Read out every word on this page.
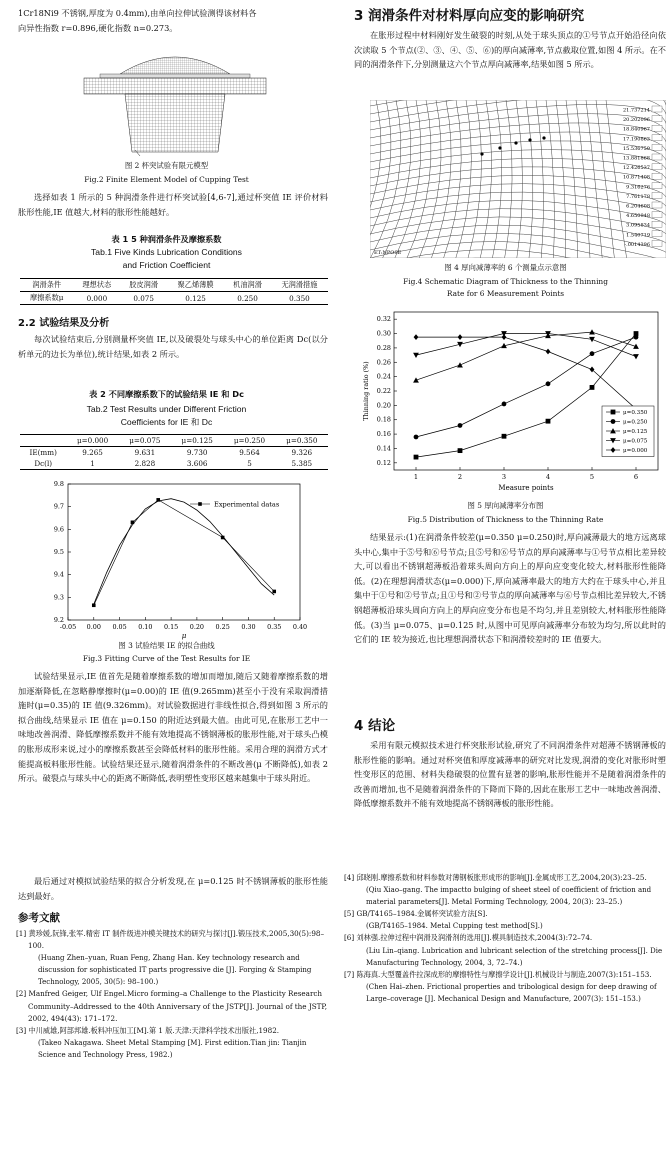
1Cr18Ni9 不锈钢,厚度为 0.4mm),由单向拉伸试验测得该材料各

向异性指数 r=0.896,硬化指数 n=0.273。

图 2 杯突试验有限元模型

Fig.2 Finite Element Model of Cupping Test

选择如表 1 所示的 5 种润滑条件进行杯突试验[4,6-7],通过杯突值 IE 评价材料胀形性能,IE 值越大,材料的胀形性能越好。

表 1 5 种润滑条件及摩擦系数

Tab.1 Five Kinds Lubrication Conditions

and Friction Coefficient

润滑条件	理想状态	胶皮润滑	聚乙烯薄膜	机油润滑	无润滑措施
摩擦系数μ	0.000	0.075	0.125	0.250	0.350

2.2 试验结果及分析

每次试验结束后,分别测量杯突值 IE,以及破裂处与球头中心的单位距离 Dc(以分析单元的边长为单位),统计结果,如表 2 所示。

表 2 不同摩擦系数下的试验结果 IE 和 Dc

Tab.2 Test Results under Different Friction

Coefficients for IE 和 Dc

	μ=0.000	μ=0.075	μ=0.125	μ=0.250	μ=0.350
IE(mm)	9.265	9.631	9.730	9.564	9.326
Dc(l)	1	2.828	3.606	5	5.385
-0.05 0.00 0.05 0.10 0.15 0.20 0.25 0.30 0.35 0.40
9.2
9.3
9.4
9.5
9.6
9.7
9.8
μ
Experimental datas

图 3 试验结果 IE 的拟合曲线

Fig.3 Fitting Curve of the Test Results for IE

试验结果显示,IE 值首先是随着摩擦系数的增加而增加,随后又随着摩擦系数的增加逐渐降低,在忽略静摩擦时(μ=0.00)的 IE 值(9.265mm)甚至小于没有采取润滑措施时(μ=0.35)的 IE 值(9.326mm)。对试验数据进行非线性拟合,得到如图 3 所示的拟合曲线,结果显示 IE 值在 μ=0.150 的附近达到最大值。由此可见,在胀形工艺中一味地改善润滑、降低摩擦系数并不能有效地提高不锈钢薄板的胀形性能,对于球头凸模的胀形成形来说,过小的摩擦系数甚至会降低材料的胀形性能。采用合理的润滑方式才能提高板料胀形性能。试验结果还显示,随着润滑条件的不断改善(μ 不断降低),如表 2 所示。破裂点与球头中心的距离不断降低,表明塑性变形区越来越集中于球头附近。

最后通过对模拟试验结果的拟合分析发现,在 μ=0.125 时不锈钢薄板的胀形性能达到最好。

参考文献

[1] 黄珍媛,阮锋,张军.精密 IT 制件级进冲模关键技术的研究与探讨[J].锻压技术,2005,30(5):98–100.

(Huang Zhen–yuan, Ruan Feng, Zhang Han. Key technology research and discussion for sophisticated IT parts progressive die [J]. Forging & Stamping Technology, 2005, 30(5): 98–100.)

[2] Manfred Geiger, Ulf Engel.Micro forming–a Challenge to the Plasticity Research Community–Addressed to the 40th Anniversary of the JSTP[J]. Journal of the JSTP, 2002, 494(43): 171–172.

[3] 中川威雄,阿部邦雄.板料冲压加工[M].第 1 版.天津:天津科学技术出版社,1982.

(Takeo Nakagawa. Sheet Metal Stamping [M]. First edition.Tian jin: Tianjin Science and Technology Press, 1982.)

3 润滑条件对材料厚向应变的影响研究

在胀形过程中材料刚好发生破裂的时刻,从处于球头顶点的①号节点开始沿径向依次读取 5 个节点(②、③、④、⑤、⑥)的厚向减薄率,节点截取位置,如图 4 所示。在不同的润滑条件下,分别测量这六个节点厚向减薄率,结果如图 5 所示。

21.737214
20.202096
18.840967
17.190863
15.536759
13.881868
12.426537
10.871408
9.316276
7.761178
6.204608
4.650948
3.095834
1.540719
-.0014396
ET:NPOSE

图 4 厚向减薄率的 6 个测量点示意图

Fig.4 Schematic Diagram of Thickness to the Thinning

Rate for 6 Measurement Points

1	2	3	4	5	6
0.12
0.14
0.16
0.18
0.20
0.22
0.24
0.26
0.28
0.30
0.32
Measure points
Thinning ratio (%)	μ=0.350
μ=0.250
μ=0.125
μ=0.075
μ=0.000

图 5 厚向减薄率分布图

Fig.5 Distribution of Thickness to the Thinning Rate

结果显示:(1)在润滑条件较差(μ=0.350 μ=0.250)时,厚向减薄最大的地方远离球头中心,集中于⑤号和⑥号节点;且⑤号和⑥号节点的厚向减薄率与①号节点相比差异较大,可以看出不锈钢超薄板沿着球头周向方向上的厚向应变变化较大,材料胀形性能降低。(2)在理想润滑状态(μ=0.000)下,厚向减薄率最大的地方大约在于球头中心,并且集中于①号和②号节点;且①号和②号节点的厚向减薄率与⑥号节点相比差异较大,不锈钢超薄板沿球头周向方向上的厚向应变分布也是不均匀,并且差别较大,材料胀形性能降低。(3)当 μ=0.075、μ=0.125 时,从图中可见厚向减薄率分布较为均匀,所以此时的它们的 IE 较为接近,也比理想润滑状态下和润滑较差时的 IE 值要大。

4 结论

采用有限元模拟技术进行杯突胀形试验,研究了不同润滑条件对超薄不锈钢薄板的胀形性能的影响。通过对杯突值和厚度减薄率的研究对比发现,润滑的变化对胀形时塑性变形区的范围、材料失稳破裂的位置有显著的影响,胀形性能并不是随着润滑条件的改善而增加,也不是随着润滑条件的下降而下降的,因此在胀形工艺中一味地改善润滑、降低摩擦系数并不能有效地提高不锈钢薄板的胀形性能。

[4] 邱晓刚.摩擦系数和材料参数对薄钢板胀形成形的影响[J].金属成形工艺,2004,20(3):23–25.

(Qiu Xiao–gang. The impactto bulging of sheet steel of coefficient of friction and material parameters[J]. Metal Forming Technology, 2004, 20(3): 23–25.)

[5] GB/T4165–1984.金属杯突试验方法[S].

(GB/T4165–1984. Metal Cupping test method[S].)

[6] 刘林强.拉伸过程中润滑及润滑剂的选用[J].模具制造技术,2004(3):72–74.

(Liu Lin–qiang. Lubrication and lubricant selection of the stretching process[J]. Die Manufacturing Technology, 2004, 3, 72–74.)

[7] 陈海真.大型覆盖件拉深成形的摩擦特性与摩擦学设计[J].机械设计与制造,2007(3):151–153.

(Chen Hai–zhen. Frictional properties and tribological design for deep drawing of Large–coverage [J]. Mechanical Design and Manufacture, 2007(3): 151–153.)
